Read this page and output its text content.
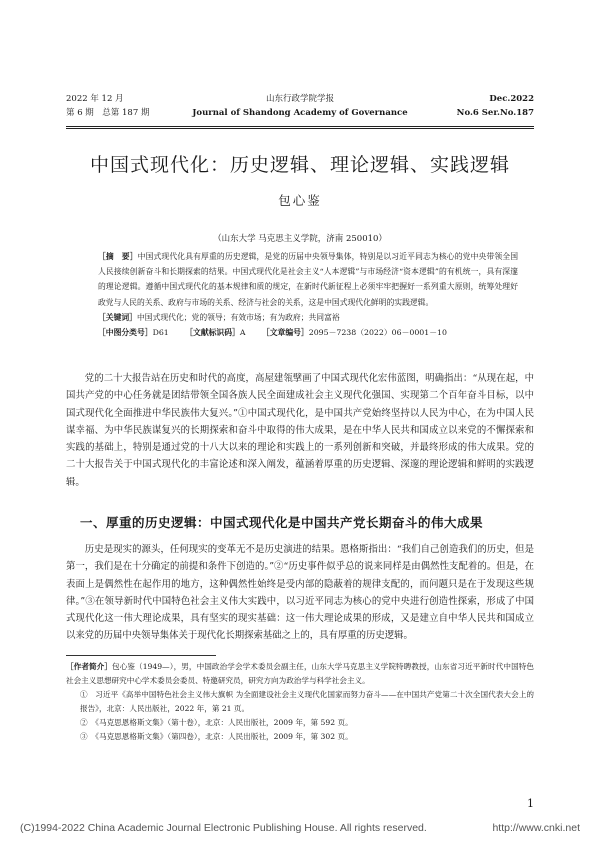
2022 年 12 月
第 6 期　总第 187 期
山东行政学院学报
Journal of Shandong Academy of Governance
Dec.2022
No.6 Ser.No.187
中国式现代化：历史逻辑、理论逻辑、实践逻辑
包心鉴
（山东大学 马克思主义学院，济南 250010）
［摘　要］中国式现代化具有厚重的历史逻辑，是党的历届中央领导集体，特别是以习近平同志为核心的党中央带领全国人民接续创新奋斗和长期探索的结果。中国式现代化是社会主义“人本逻辑”与市场经济“资本逻辑”的有机统一，具有深邃的理论逻辑。遵循中国式现代化的基本规律和质的规定，在新时代新征程上必须牢牢把握好一系列重大原则，统筹处理好政党与人民的关系、政府与市场的关系、经济与社会的关系，这是中国式现代化鲜明的实践逻辑。
［关键词］中国式现代化；党的领导；有效市场；有为政府；共同富裕
［中图分类号］D61 ［文献标识码］A ［文章编号］2095－7238（2022）06－0001－10

党的二十大报告站在历史和时代的高度，高屋建瓴擘画了中国式现代化宏伟蓝图，明确指出：“从现在起，中国共产党的中心任务就是团结带领全国各族人民全面建成社会主义现代化强国、实现第二个百年奋斗目标，以中国式现代化全面推进中华民族伟大复兴。”①中国式现代化，是中国共产党始终坚持以人民为中心，在为中国人民谋幸福、为中华民族谋复兴的长期探索和奋斗中取得的伟大成果，是在中华人民共和国成立以来党的不懈探索和实践的基础上，特别是通过党的十八大以来的理论和实践上的一系列创新和突破，并最终形成的伟大成果。党的二十大报告关于中国式现代化的丰富论述和深入阐发，蕴涵着厚重的历史逻辑、深邃的理论逻辑和鲜明的实践逻辑。

一、厚重的历史逻辑：中国式现代化是中国共产党长期奋斗的伟大成果

历史是现实的源头，任何现实的变革无不是历史演进的结果。恩格斯指出：“我们自己创造我们的历史，但是第一，我们是在十分确定的前提和条件下创造的。”②“历史事件似乎总的说来同样是由偶然性支配着的。但是，在表面上是偶然性在起作用的地方，这种偶然性始终是受内部的隐蔽着的规律支配的，而问题只是在于发现这些规律。”③在领导新时代中国特色社会主义伟大实践中，以习近平同志为核心的党中央进行创造性探索，形成了中国式现代化这一伟大理论成果，具有坚实的现实基础：这一伟大理论成果的形成，又是建立自中华人民共和国成立以来党的历届中央领导集体关于现代化长期探索基础之上的，具有厚重的历史逻辑。

［作者简介］包心鉴（1949—），男，中国政治学会学术委员会副主任，山东大学马克思主义学院特聘教授，山东省习近平新时代中国特色社会主义思想研究中心学术委员会委员、特邀研究员，研究方向为政治学与科学社会主义。

①　习近平《高举中国特色社会主义伟大旗帜 为全面建设社会主义现代化国家而努力奋斗——在中国共产党第二十次全国代表大会上的报告》，北京：人民出版社，2022 年，第 21 页。

②　《马克思恩格斯文集》（第十卷），北京：人民出版社，2009 年，第 592 页。

③　《马克思恩格斯文集》（第四卷），北京：人民出版社，2009 年，第 302 页。

1
(C)1994-2022 China Academic Journal Electronic Publishing House. All rights reserved.	http://www.cnki.net
